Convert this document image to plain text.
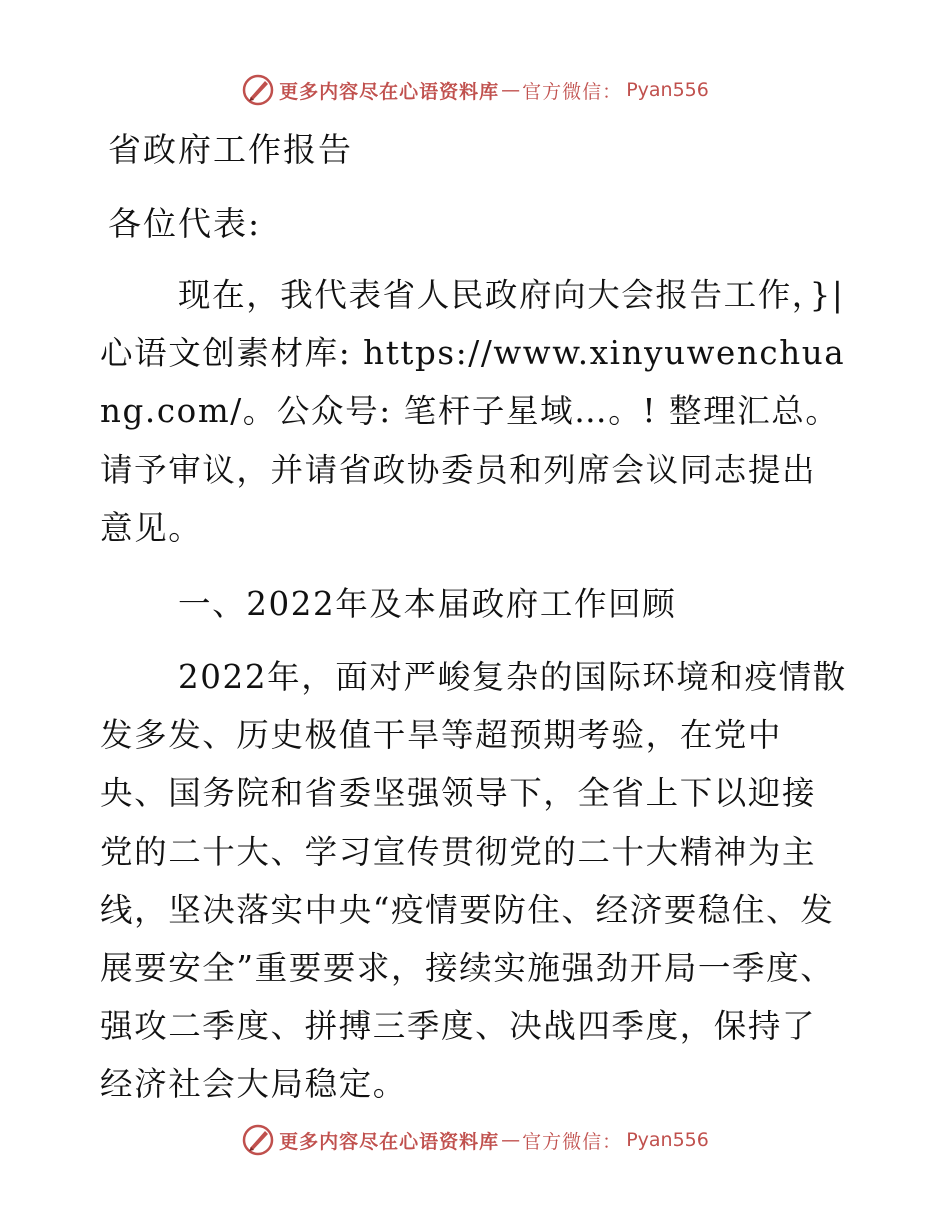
更多内容尽在心语资料库 — 官方微信： Pyan556
省政府工作报告
各位代表:

现在，我代表省人民政府向大会报告工作，}|心语文创素材库: https://www.xinyuwenchuang.com/。公众号: 笔杆子星域…。! 整理汇总。请予审议，并请省政协委员和列席会议同志提出意见。

一、2022年及本届政府工作回顾

2022年，面对严峻复杂的国际环境和疫情散发多发、历史极值干旱等超预期考验，在党中央、国务院和省委坚强领导下，全省上下以迎接党的二十大、学习宣传贯彻党的二十大精神为主线，坚决落实中央“疫情要防住、经济要稳住、发展要安全”重要要求，接续实施强劲开局一季度、强攻二季度、拼搏三季度、决战四季度，保持了经济社会大局稳定。

更多内容尽在心语资料库 — 官方微信： Pyan556
